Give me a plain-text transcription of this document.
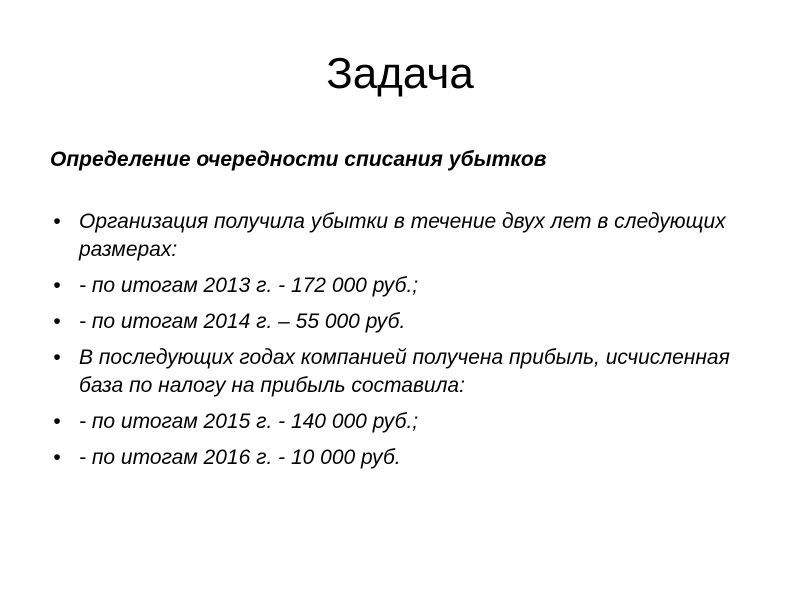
Задача

Определение очередности списания убытков

• Организация получила убытки в течение двух лет в следующих размерах:
• - по итогам 2013 г. - 172 000 руб.;
• - по итогам 2014 г. – 55 000 руб.
• В последующих годах компанией получена прибыль, исчисленная база по налогу на прибыль составила:
• - по итогам 2015 г. - 140 000 руб.;
• - по итогам 2016 г. - 10 000 руб.
